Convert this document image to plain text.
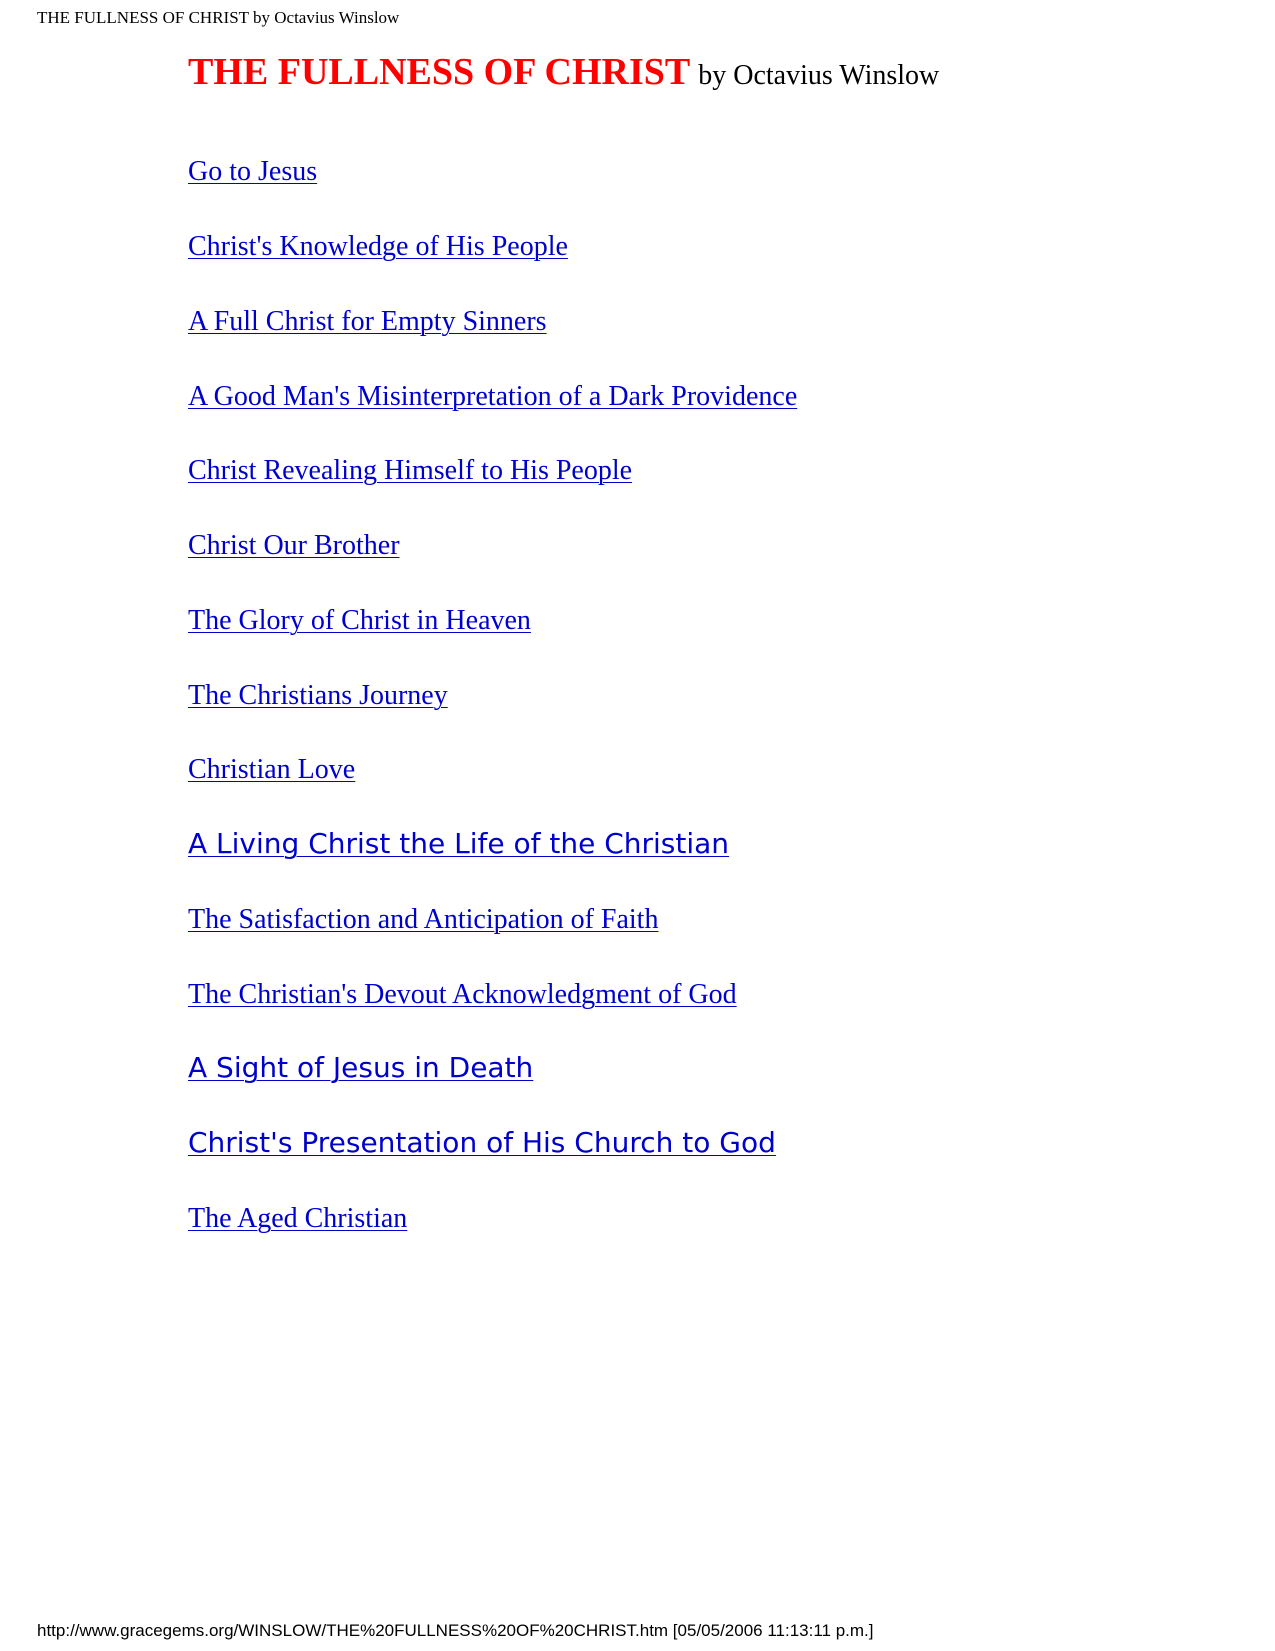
THE FULLNESS OF CHRIST by Octavius Winslow
THE FULLNESS OF CHRIST by Octavius Winslow
Go to Jesus
Christ's Knowledge of His People
A Full Christ for Empty Sinners
A Good Man's Misinterpretation of a Dark Providence
Christ Revealing Himself to His People
Christ Our Brother
The Glory of Christ in Heaven
The Christians Journey
Christian Love
A Living Christ the Life of the Christian
The Satisfaction and Anticipation of Faith
The Christian's Devout Acknowledgment of God
A Sight of Jesus in Death
Christ's Presentation of His Church to God
The Aged Christian
http://www.gracegems.org/WINSLOW/THE%20FULLNESS%20OF%20CHRIST.htm [05/05/2006 11:13:11 p.m.]
